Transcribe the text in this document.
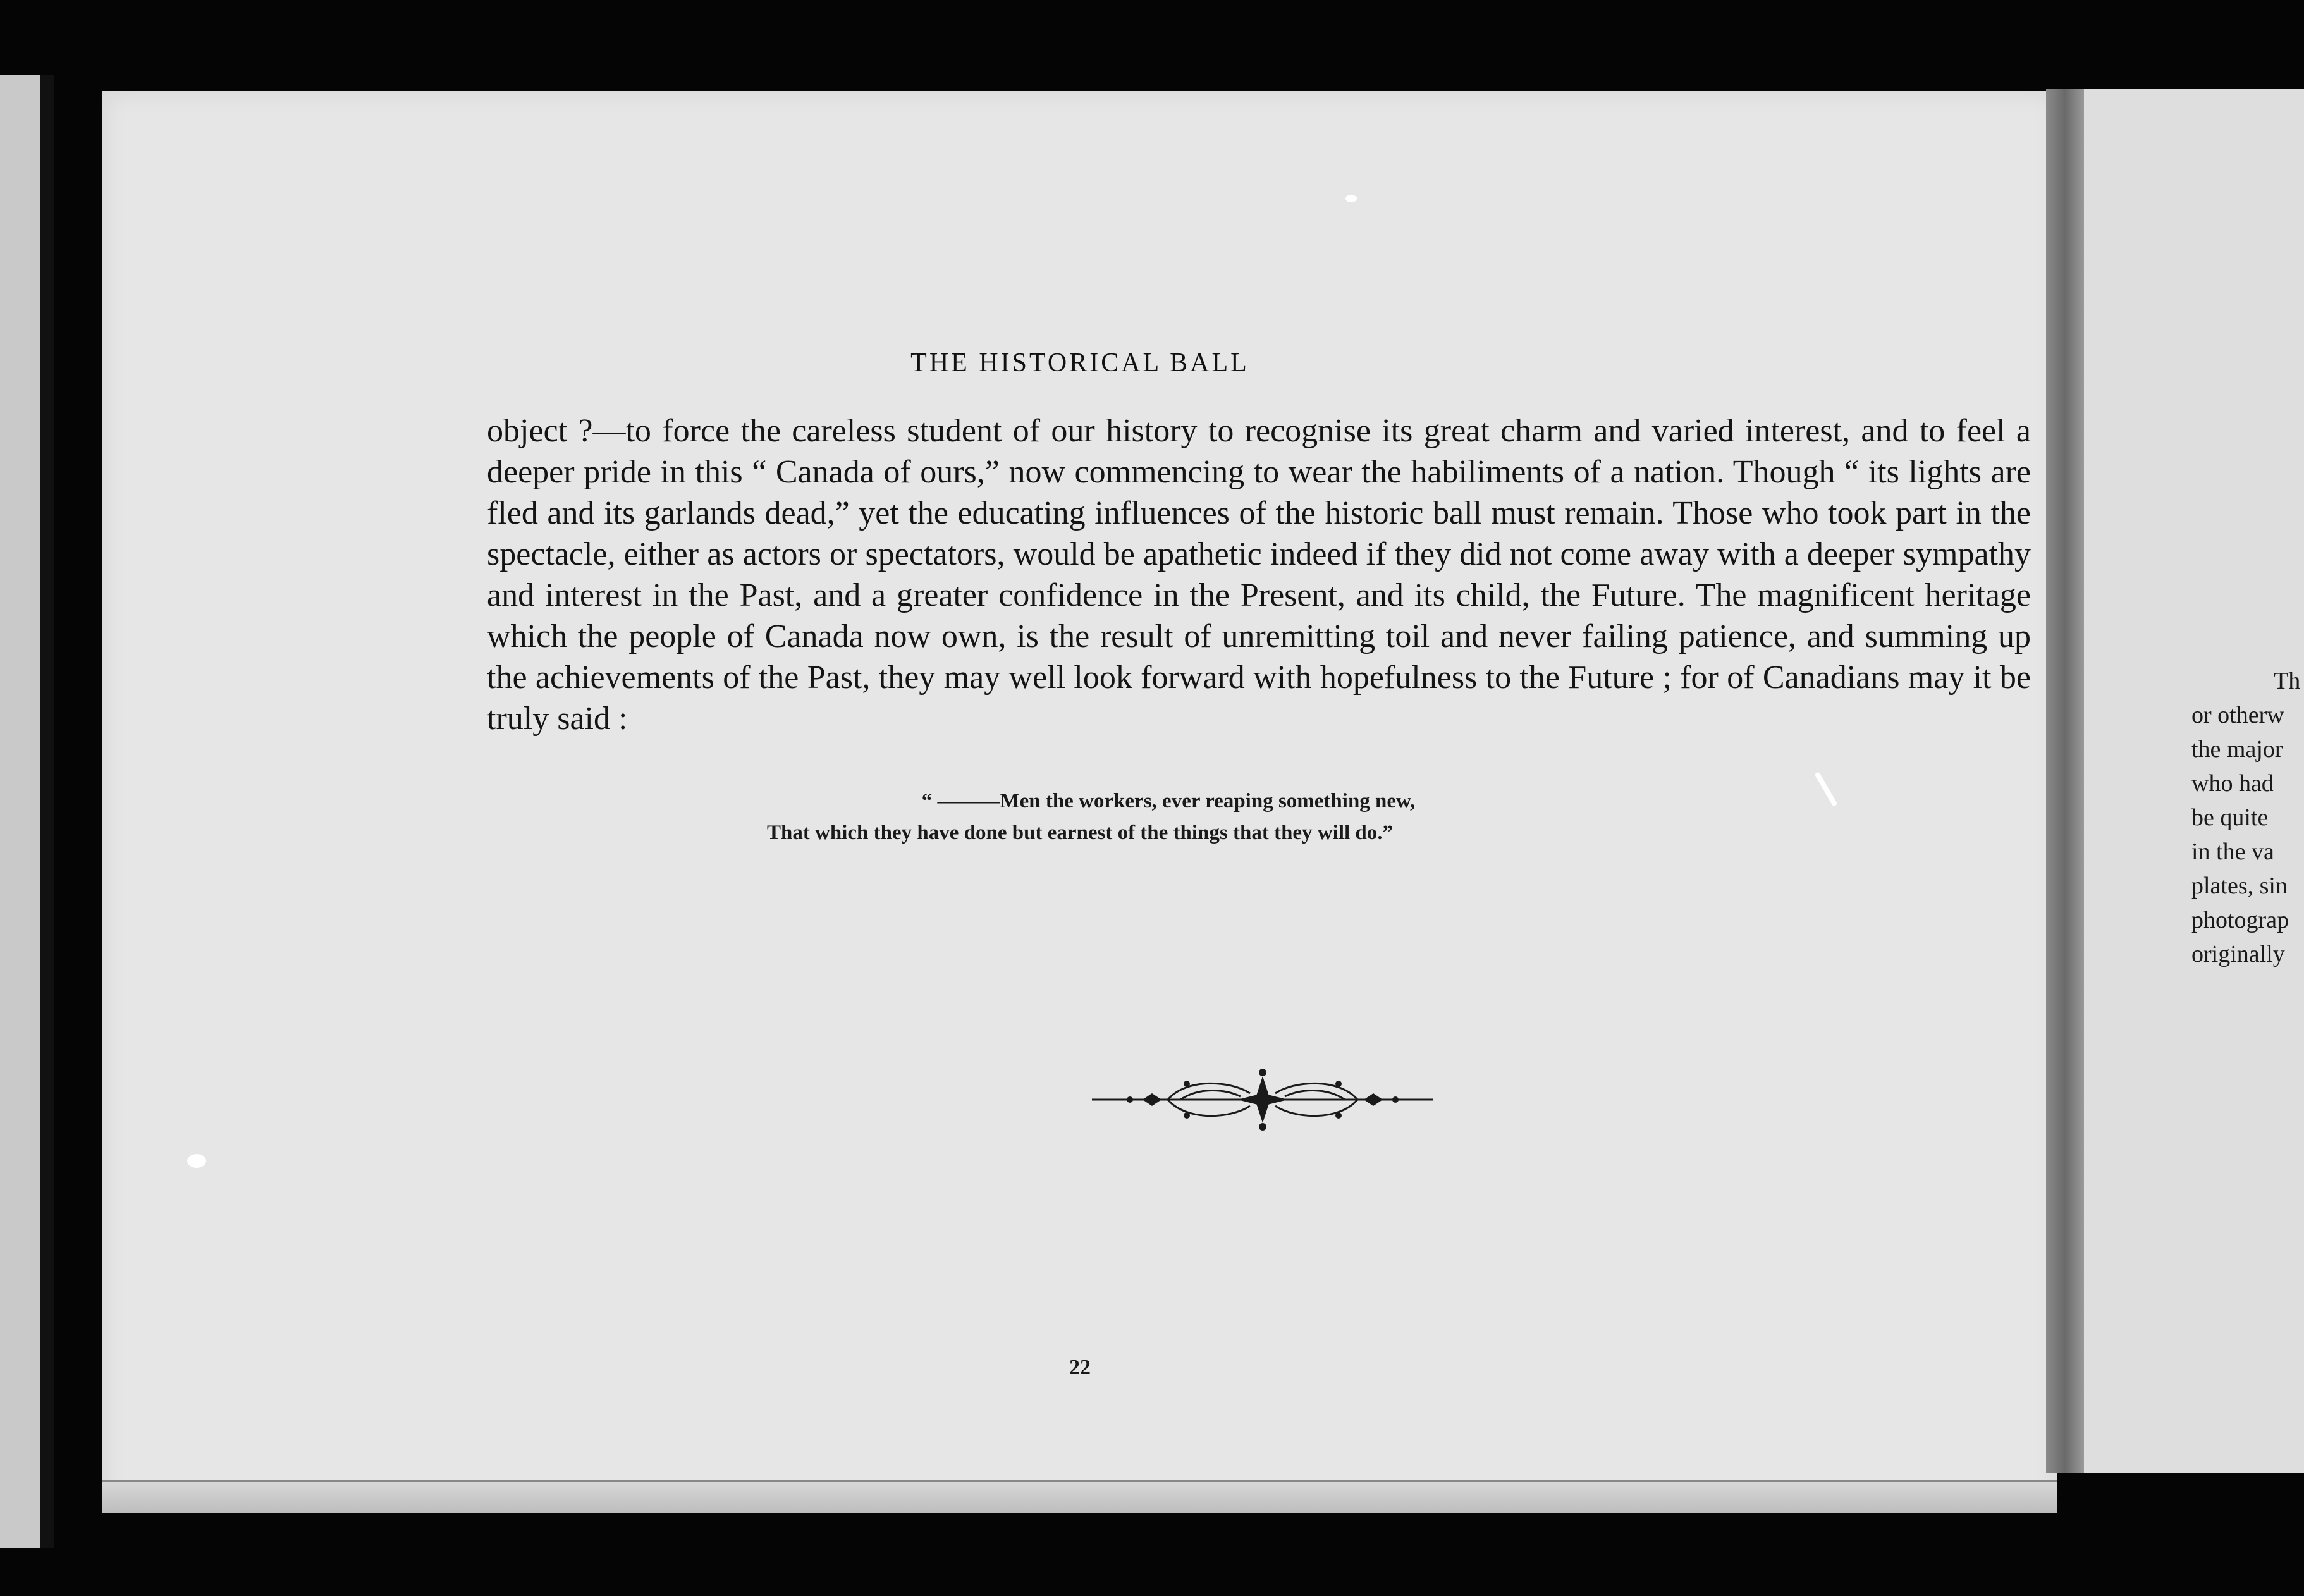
THE HISTORICAL BALL

object ?—to force the careless student of our history to recognise its great charm and varied interest, and to feel a deeper pride in this “ Canada of ours,” now commencing to wear the habiliments of a nation. Though “ its lights are fled and its garlands dead,” yet the educating influences of the historic ball must remain. Those who took part in the spectacle, either as actors or spectators, would be apathetic indeed if they did not come away with a deeper sympathy and interest in the Past, and a greater confidence in the Present, and its child, the Future. The magnificent heritage which the people of Canada now own, is the result of unremitting toil and never failing patience, and summing up the achievements of the Past, they may well look forward with hopefulness to the Future ; for of Canadians may it be truly said :

“ ———Men the workers, ever reaping something new,
That which they have done but earnest of the things that they will do.”
22
Th
or otherw
the major
who had
be quite
in the va
plates, sin
photograp
originally
